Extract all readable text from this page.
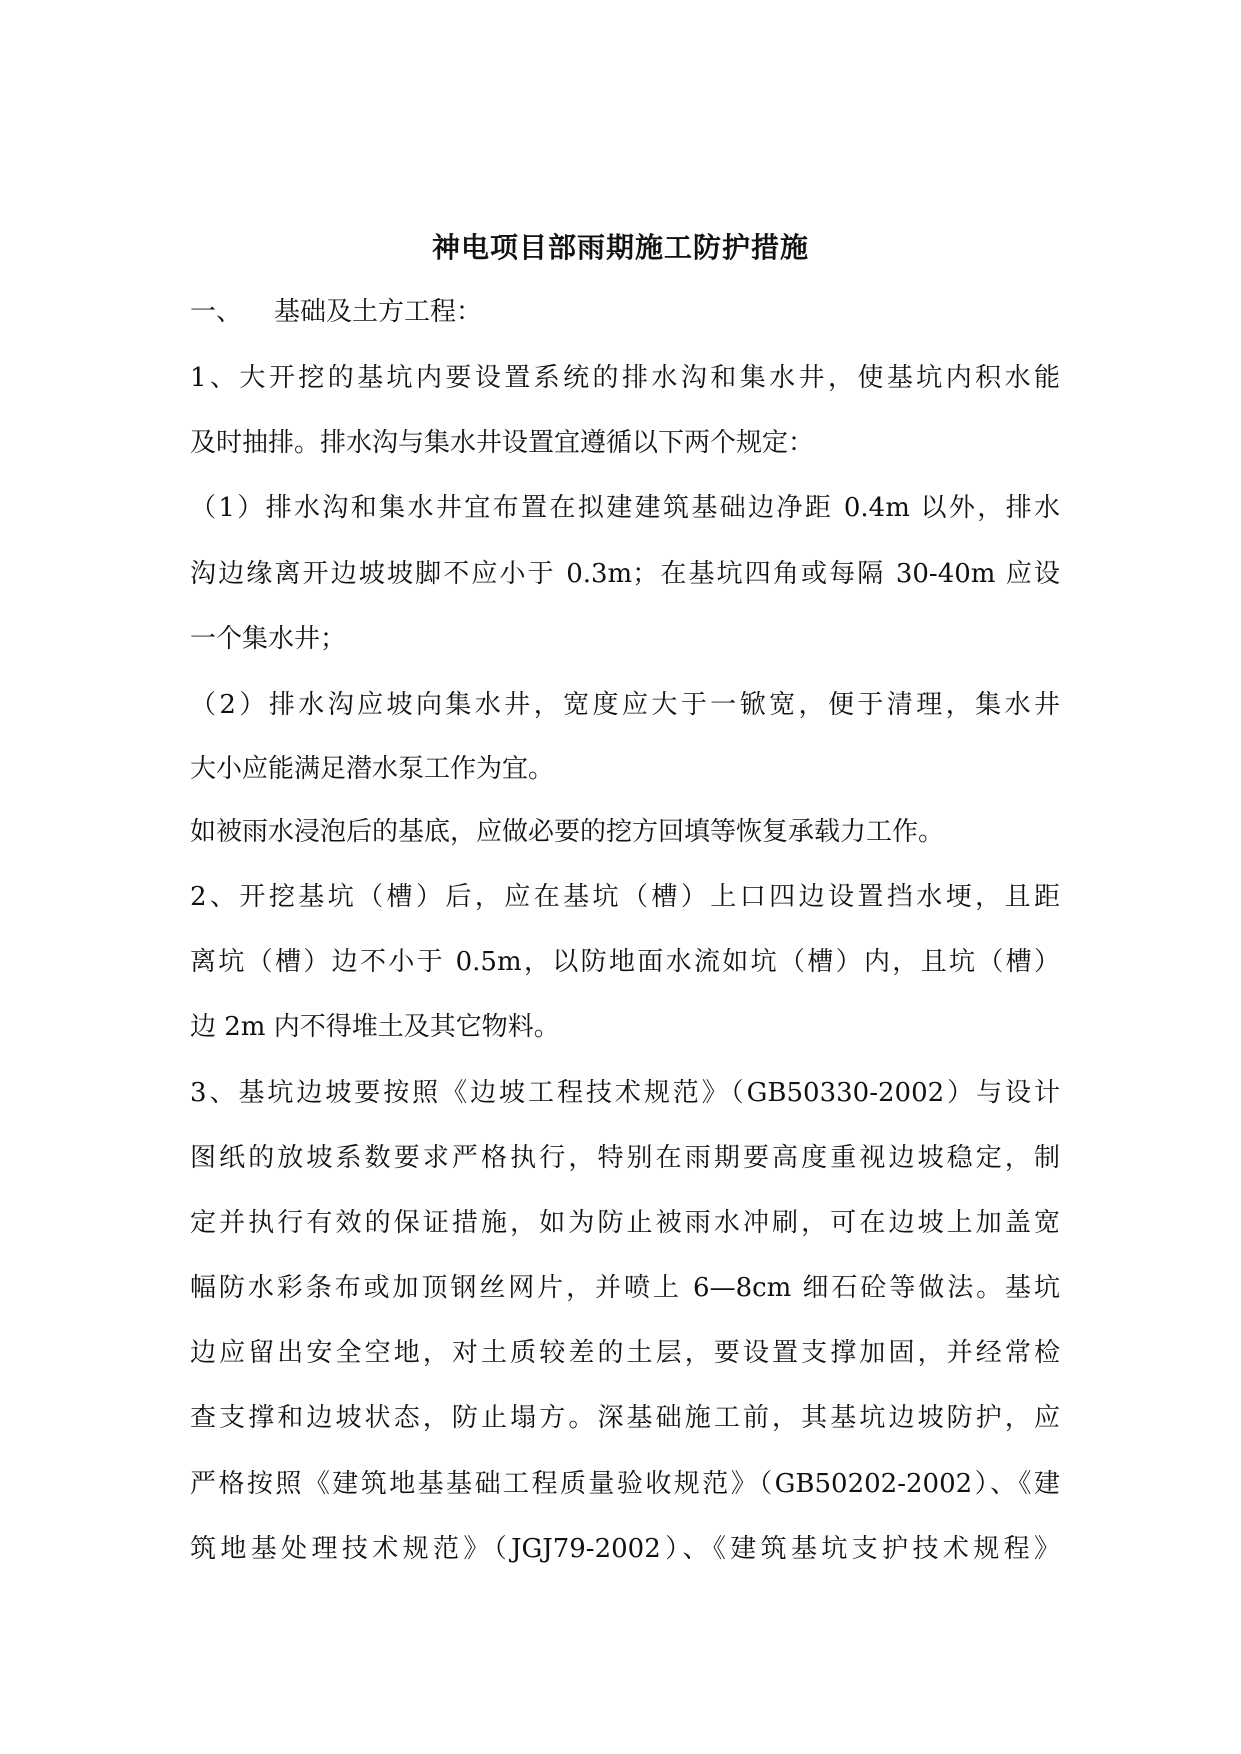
神电项目部雨期施工防护措施
一、 基础及土方工程：
1、大开挖的基坑内要设置系统的排水沟和集水井，使基坑内积水能
及时抽排。排水沟与集水井设置宜遵循以下两个规定：
（1）排水沟和集水井宜布置在拟建建筑基础边净距 0.4m 以外，排水
沟边缘离开边坡坡脚不应小于 0.3m；在基坑四角或每隔 30-40m 应设
一个集水井；
（2）排水沟应坡向集水井，宽度应大于一锨宽，便于清理，集水井
大小应能满足潜水泵工作为宜。
如被雨水浸泡后的基底，应做必要的挖方回填等恢复承载力工作。
2、开挖基坑（槽）后，应在基坑（槽）上口四边设置挡水埂，且距
离坑（槽）边不小于 0.5m，以防地面水流如坑（槽）内，且坑（槽）
边 2m 内不得堆土及其它物料。
3、基坑边坡要按照《边坡工程技术规范》（GB50330-2002）与设计
图纸的放坡系数要求严格执行，特别在雨期要高度重视边坡稳定，制
定并执行有效的保证措施，如为防止被雨水冲刷，可在边坡上加盖宽
幅防水彩条布或加顶钢丝网片，并喷上 6—8cm 细石砼等做法。基坑
边应留出安全空地，对土质较差的土层，要设置支撑加固，并经常检
查支撑和边坡状态，防止塌方。深基础施工前，其基坑边坡防护，应
严格按照《建筑地基基础工程质量验收规范》（GB50202-2002）、《建
筑地基处理技术规范》（JGJ79-2002）、《建筑基坑支护技术规程》
